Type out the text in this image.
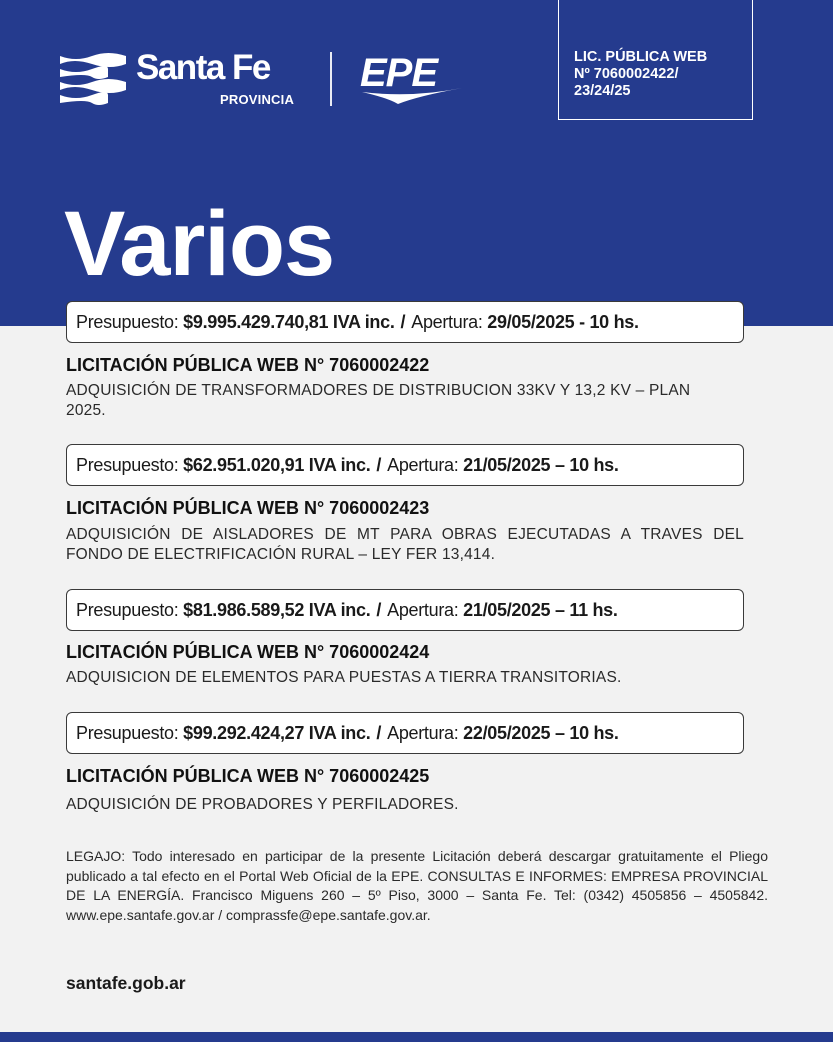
Santa Fe
PROVINCIA
EPE	LIC. PÚBLICA WEB
Nº 7060002422/
23/24/25
Varios
Presupuesto:
$9.995.429.740,81 IVA inc. / Apertura:
29/05/2025 - 10 hs.
LICITACIÓN PÚBLICA WEB N° 7060002422
ADQUISICIÓN DE TRANSFORMADORES DE DISTRIBUCION 33KV Y 13,2 KV – PLAN 2025.
Presupuesto:
$62.951.020,91 IVA inc. / Apertura:
21/05/2025 – 10 hs.
LICITACIÓN PÚBLICA WEB N° 7060002423
ADQUISICIÓN DE AISLADORES DE MT PARA OBRAS EJECUTADAS A TRAVES DEL FONDO DE ELECTRIFICACIÓN RURAL – LEY FER 13,414.
Presupuesto:
$81.986.589,52 IVA inc. / Apertura:
21/05/2025 – 11 hs.
LICITACIÓN PÚBLICA WEB N° 7060002424
ADQUISICION DE ELEMENTOS PARA PUESTAS A TIERRA TRANSITORIAS.
Presupuesto:
$99.292.424,27 IVA inc. / Apertura:
22/05/2025 – 10 hs.
LICITACIÓN PÚBLICA WEB N° 7060002425
ADQUISICIÓN DE PROBADORES Y PERFILADORES.
LEGAJO: Todo interesado en participar de la presente Licitación deberá descargar gratuitamente el Pliego publicado a tal efecto en el Portal Web Oficial de la EPE. CONSULTAS E INFORMES: EMPRESA PROVINCIAL DE LA ENERGÍA. Francisco Miguens 260 – 5º Piso, 3000 – Santa Fe. Tel: (0342) 4505856 – 4505842. www.epe.santafe.gov.ar / comprassfe@epe.santafe.gov.ar.
santafe.gob.ar
